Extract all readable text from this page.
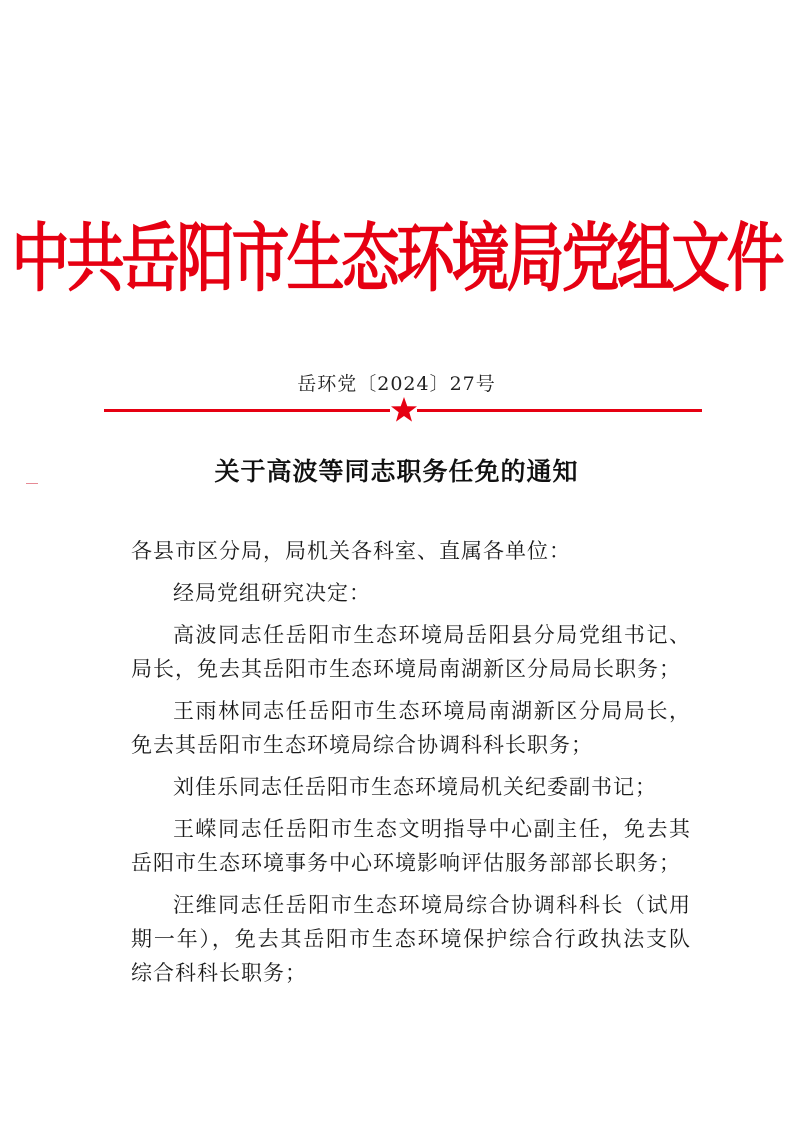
中共岳阳市生态环境局党组文件
岳环党〔2024〕27号
关于高波等同志职务任免的通知

各县市区分局，局机关各科室、直属各单位：

经局党组研究决定：

高波同志任岳阳市生态环境局岳阳县分局党组书记、局长，免去其岳阳市生态环境局南湖新区分局局长职务；

王雨林同志任岳阳市生态环境局南湖新区分局局长，免去其岳阳市生态环境局综合协调科科长职务；

刘佳乐同志任岳阳市生态环境局机关纪委副书记；

王嵘同志任岳阳市生态文明指导中心副主任，免去其岳阳市生态环境事务中心环境影响评估服务部部长职务；

汪维同志任岳阳市生态环境局综合协调科科长（试用期一年），免去其岳阳市生态环境保护综合行政执法支队综合科科长职务；
